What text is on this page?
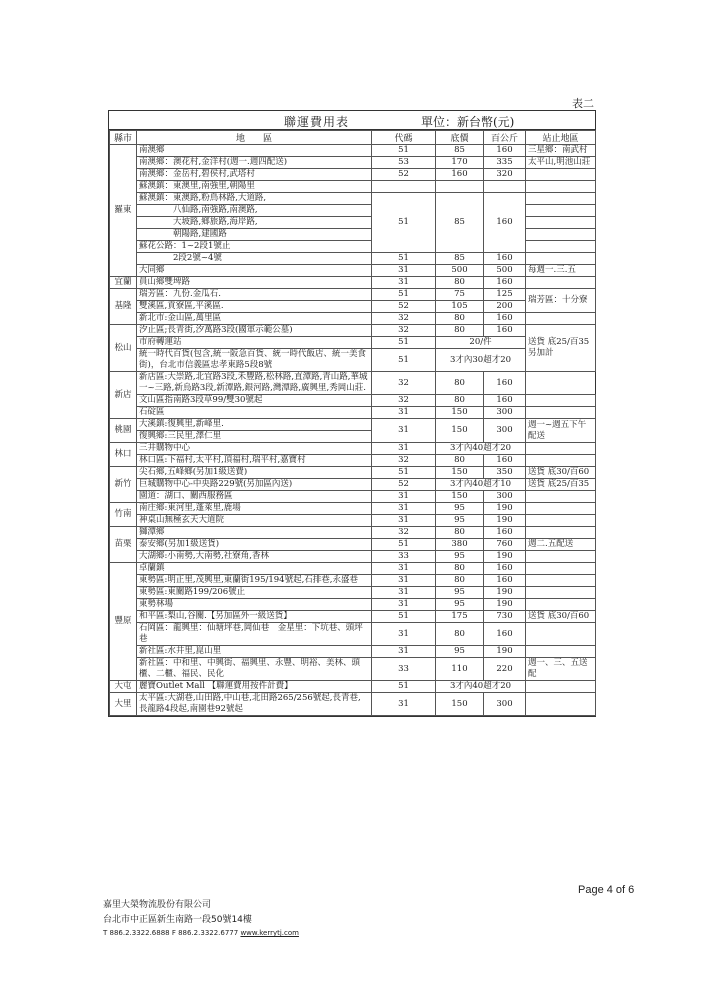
表二
聯運費用表	單位：新台幣(元)
縣市	地　　區	代碼	底價	百公斤	站止地區
羅東	南澳鄉	51	85	160	三星鄉：南武村
	南澳鄉：澳花村,金洋村(週一.週四配送)	53	170	335	太平山,明池山莊
	南澳鄉：金岳村,碧侯村,武塔村	52	160	320	
	蘇澳鎮：東澳里,南強里,朝陽里				
	蘇澳鎮：東澳路,粉鳥林路,大道路,	51	85	160	
	　　　　八仙路,南強路,南澳路,				
	　　　　大坡路,鄉旅路,海岸路,				
	　　　　朝陽路,建國路				
	蘇花公路：1~2段1號止				
	　　　　2段2號~4號	51	85	160	
	大同鄉	31	500	500	每週一.三.五
宜蘭	員山鄉雙埤路	31	80	160	
基隆	瑞芳區：九份.金瓜石.	51	75	125	瑞芳區：十分寮
	雙溪區,貢寮區,平溪區.	52	105	200	
	新北市:金山區,萬里區	32	80	160	
松山	汐止區;長青街,汐萬路3段(國軍示範公墓)	32	80	160	送貨 底25/百35另加計
	市府轉運站	51	20/件		
	統一時代百貨(包含,統一阪急百貨、統一時代飯店、統一美食街)，台北市信義區忠孝東路5段8號	51	3才內30超才20		
新店	新店區:大崇路,北宜路3段,禾豐路,松林路,直潭路,青山路,華城一~三路,新烏路3段,新潭路,銀河路,灣潭路,廣興里,秀岡山莊.	32	80	160	
	文山區指南路3段草99/雙30號起	32	80	160	
	石碇區	31	150	300	
桃園	大溪鎮:復興里,新峰里.	31	150	300	週一~週五下午配送
	復興鄉:三民里,澤仁里				
林口	三井購物中心	31	3才內40超才20		
	林口區:下福村,太平村,頂福村,瑞平村,嘉寶村	32	80	160	
新竹	尖石鄉,五峰鄉(另加1級送費)	51	150	350	送貨 底30/百60
	巨城購物中心-中央路229號(另加區內送)	52	3才內40超才10		送貨 底25/百35
	園道：湖口、關西服務區	31	150	300	
竹南	南庄鄉:東河里,蓬萊里,鹿場	31	95	190	
	神桌山無極玄天大道院	31	95	190	
苗栗	獅潭鄉	32	80	160	
	泰安鄉(另加1級送貨)	51	380	760	週二.五配送
	大湖鄉:小南勢,大南勢,社寮角,香林	33	95	190	
豐原	卓蘭鎮	31	80	160	
	東勢區:明正里,茂興里,東蘭街195/194號起,石排巷,永盛巷	31	80	160	
	東勢區:東關路199/206號止	31	95	190	
	東勢林場	31	95	190	
	和平區:梨山,谷關.【另加區外一級送貨】	51	175	730	送貨 底30/百60
	石岡區：龍興里：仙塘坪巷,岡仙巷　金星里：下坑巷、頭坪巷	31	80	160	
	新社區:水井里,崑山里	31	95	190	
	新社區：中和里、中興街、福興里、永豐、明裕、美林、頭櫃、二櫃、福民、民化	33	110	220	週一、三、五送配
大屯	麗寶Outlet Mall 【聯運費用按件計費】	51	3才內40超才20		
大里	太平區:大湖巷,山田路,中山巷,北田路265/256號起,長青巷,長龍路4段起,南園巷92號起	31	150	300	
Page 4 of 6
嘉里大榮物流股份有限公司
台北市中正區新生南路一段50號14樓
T 886.2.3322.6888 F 886.2.3322.6777 www.kerrytj.com
